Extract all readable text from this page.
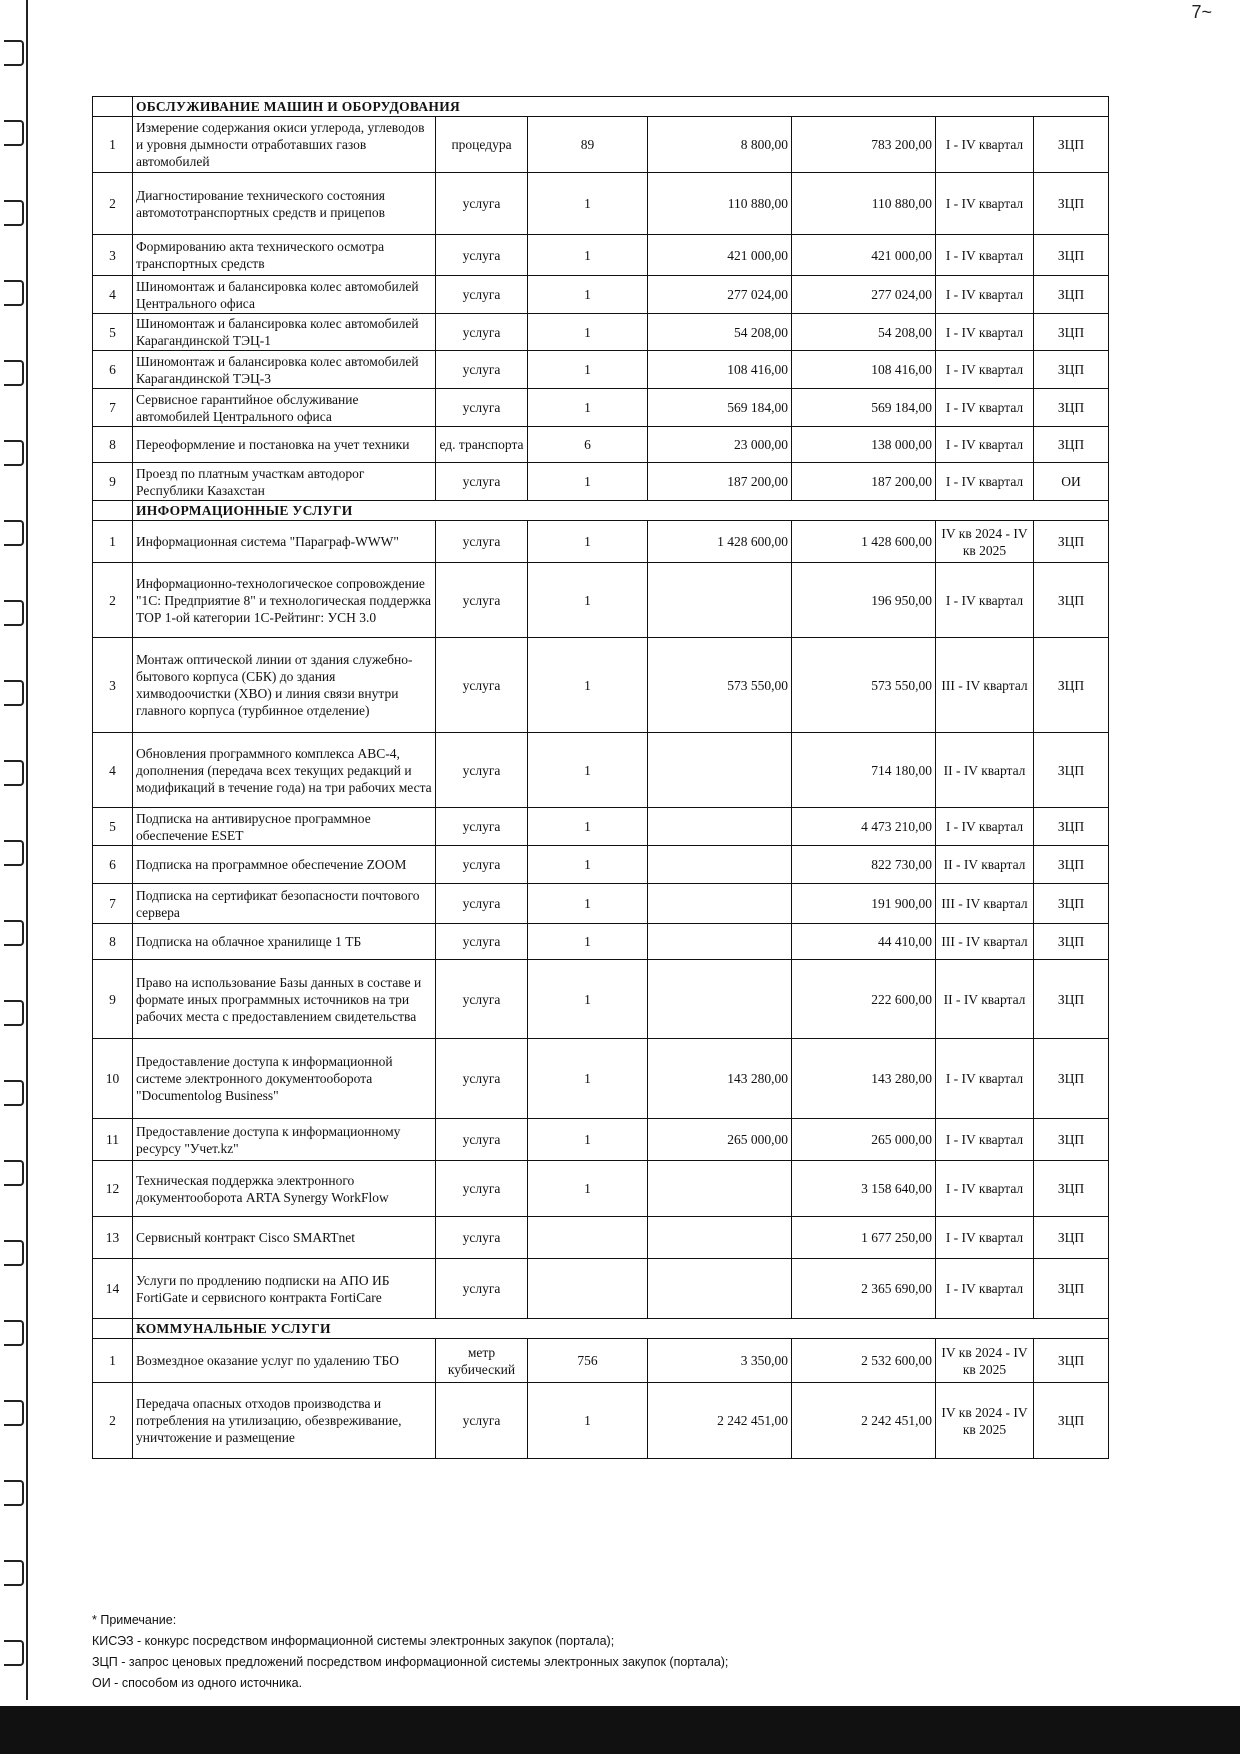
7~
	ОБСЛУЖИВАНИЕ МАШИН И ОБОРУДОВАНИЯ						
1	Измерение содержания окиси углерода, углеводов и уровня дымности отработавших газов автомобилей	процедура	89	8 800,00	783 200,00	I - IV квартал	ЗЦП
2	Диагностирование технического состояния автомототранспортных средств и прицепов	услуга	1	110 880,00	110 880,00	I - IV квартал	ЗЦП
3	Формированию акта технического осмотра транспортных средств	услуга	1	421 000,00	421 000,00	I - IV квартал	ЗЦП
4	Шиномонтаж и балансировка колес автомобилей Центрального офиса	услуга	1	277 024,00	277 024,00	I - IV квартал	ЗЦП
5	Шиномонтаж и балансировка колес автомобилей Карагандинской ТЭЦ-1	услуга	1	54 208,00	54 208,00	I - IV квартал	ЗЦП
6	Шиномонтаж и балансировка колес автомобилей Карагандинской ТЭЦ-3	услуга	1	108 416,00	108 416,00	I - IV квартал	ЗЦП
7	Сервисное гарантийное обслуживание автомобилей Центрального офиса	услуга	1	569 184,00	569 184,00	I - IV квартал	ЗЦП
8	Переоформление и постановка на учет техники	ед. транспорта	6	23 000,00	138 000,00	I - IV квартал	ЗЦП
9	Проезд по платным участкам автодорог Республики Казахстан	услуга	1	187 200,00	187 200,00	I - IV квартал	ОИ
	ИНФОРМАЦИОННЫЕ УСЛУГИ						
1	Информационная система "Параграф-WWW"	услуга	1	1 428 600,00	1 428 600,00	IV кв 2024 - IV кв 2025	ЗЦП
2	Информационно-технологическое сопровождение "1С: Предприятие 8" и технологическая поддержка ТОР 1-ой категории 1С-Рейтинг: УСН 3.0	услуга	1		196 950,00	I - IV квартал	ЗЦП
3	Монтаж оптической линии от здания служебно-бытового корпуса (СБК) до здания химводоочистки (ХВО) и линия связи внутри главного корпуса (турбинное отделение)	услуга	1	573 550,00	573 550,00	III - IV квартал	ЗЦП
4	Обновления программного комплекса АВС-4, дополнения (передача всех текущих редакций и модификаций в течение года) на три рабочих места	услуга	1		714 180,00	II - IV квартал	ЗЦП
5	Подписка на антивирусное программное обеспечение ESET	услуга	1		4 473 210,00	I - IV квартал	ЗЦП
6	Подписка на программное обеспечение ZOOM	услуга	1		822 730,00	II - IV квартал	ЗЦП
7	Подписка на сертификат безопасности почтового сервера	услуга	1		191 900,00	III - IV квартал	ЗЦП
8	Подписка на облачное хранилище 1 ТБ	услуга	1		44 410,00	III - IV квартал	ЗЦП
9	Право на использование Базы данных в составе и формате иных программных источников на три рабочих места с предоставлением свидетельства	услуга	1		222 600,00	II - IV квартал	ЗЦП
10	Предоставление доступа к информационной системе электронного документооборота "Documentolog Business"	услуга	1	143 280,00	143 280,00	I - IV квартал	ЗЦП
11	Предоставление доступа к информационному ресурсу "Учет.kz"	услуга	1	265 000,00	265 000,00	I - IV квартал	ЗЦП
12	Техническая поддержка электронного документооборота ARTA Synergy WorkFlow	услуга	1		3 158 640,00	I - IV квартал	ЗЦП
13	Сервисный контракт Cisco SMARTnet	услуга			1 677 250,00	I - IV квартал	ЗЦП
14	Услуги по продлению подписки на АПО ИБ FortiGate и сервисного контракта FortiCare	услуга			2 365 690,00	I - IV квартал	ЗЦП
	КОММУНАЛЬНЫЕ УСЛУГИ						
1	Возмездное оказание услуг по удалению ТБО	метр кубический	756	3 350,00	2 532 600,00	IV кв 2024 - IV кв 2025	ЗЦП
2	Передача опасных отходов производства и потребления на утилизацию, обезвреживание, уничтожение и размещение	услуга	1	2 242 451,00	2 242 451,00	IV кв 2024 - IV кв 2025	ЗЦП
* Примечание:
КИСЭЗ - конкурс посредством информационной системы электронных закупок (портала);
ЗЦП - запрос ценовых предложений посредством информационной системы электронных закупок (портала);
ОИ - способом из одного источника.
